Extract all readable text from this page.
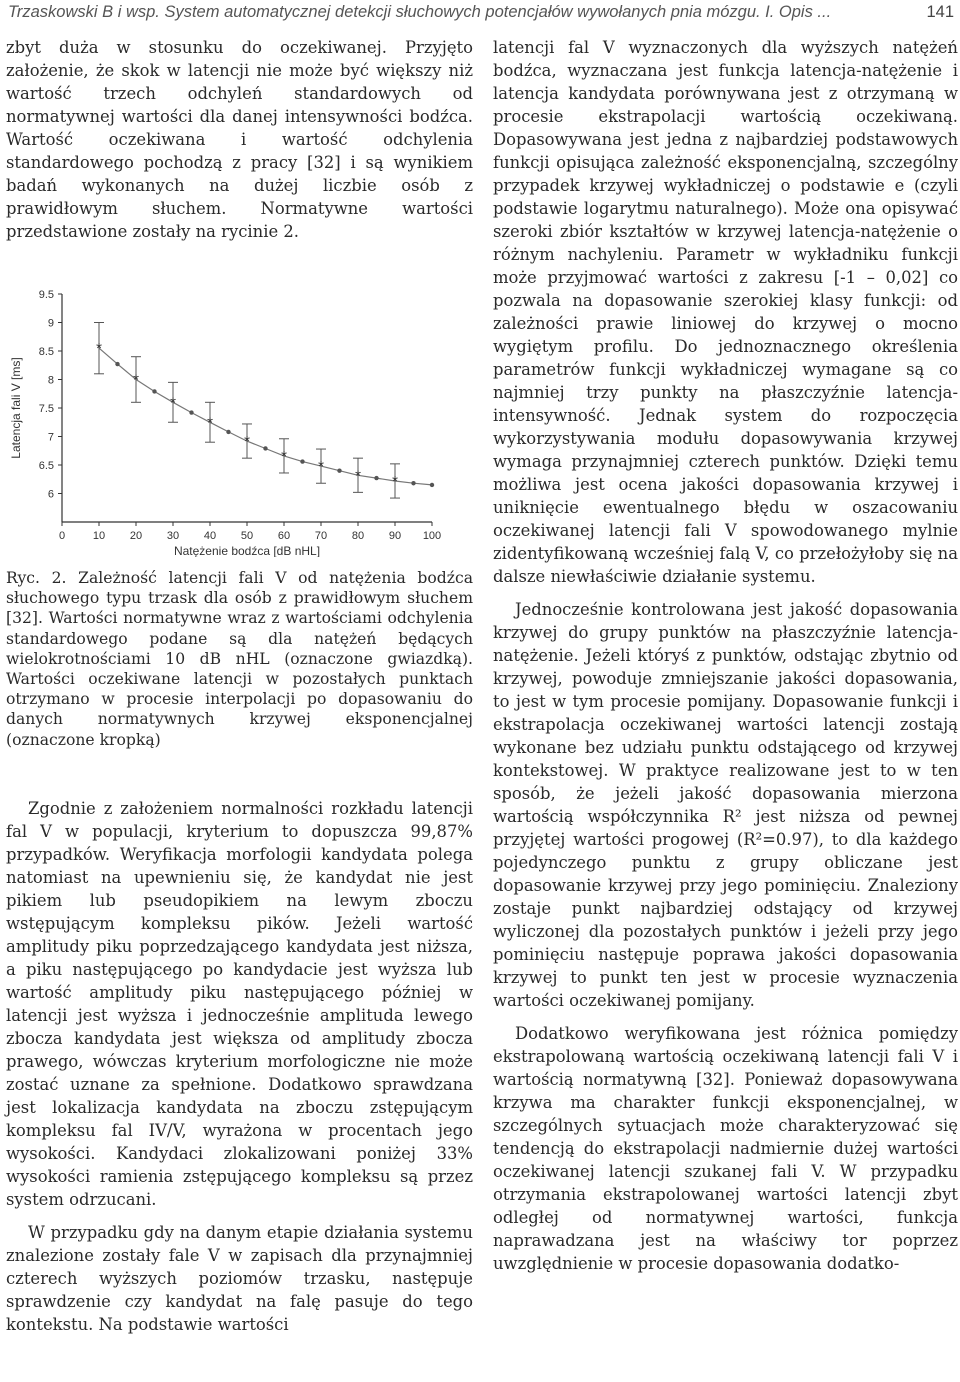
Trzaskowski B i wsp. System automatycznej detekcji słuchowych potencjałów wywołanych pnia mózgu. I. Opis ...	141

zbyt duża w stosunku do oczekiwanej. Przyjęto założenie, że skok w latencji nie może być większy niż wartość trzech odchyleń standardowych od normatywnej wartości dla danej intensywności bodźca. Wartość oczekiwana i wartość odchylenia standardowego pochodzą z pracy [32] i są wynikiem badań wykonanych na dużej liczbie osób z prawidłowym słuchem. Normatywne wartości przedstawione zostały na rycinie 2.

0	10 20 30 40 50 60 70 80 90 100
6
6.5
7
7.5
8
8.5
9
9.5
*
*
*
*
*
*
*
* *
Natężenie bodźca [dB nHL]
Latencja fali V [ms]

Ryc. 2. Zależność latencji fali V od natężenia bodźca słuchowego typu trzask dla osób z prawidłowym słuchem [32]. Wartości normatywne wraz z wartościami odchylenia standardowego podane są dla natężeń będących wielokrotnościami 10 dB nHL (oznaczone gwiazdką). Wartości oczekiwane latencji w pozostałych punktach otrzymano w procesie interpolacji po dopasowaniu do danych normatywnych krzywej eksponencjalnej (oznaczone kropką)

Zgodnie z założeniem normalności rozkładu latencji fal V w populacji, kryterium to dopuszcza 99,87% przypadków. Weryfikacja morfologii kandydata polega natomiast na upewnieniu się, że kandydat nie jest pikiem lub pseudopikiem na lewym zboczu wstępującym kompleksu pików. Jeżeli wartość amplitudy piku poprzedzającego kandydata jest niższa, a piku następującego po kandydacie jest wyższa lub wartość amplitudy piku następującego później w latencji jest wyższa i jednocześnie amplituda lewego zbocza kandydata jest większa od amplitudy zbocza prawego, wówczas kryterium morfologiczne nie może zostać uznane za spełnione. Dodatkowo sprawdzana jest lokalizacja kandydata na zboczu zstępującym kompleksu fal IV/V, wyrażona w procentach jego wysokości. Kandydaci zlokalizowani poniżej 33% wysokości ramienia zstępującego kompleksu są przez system odrzucani.

W przypadku gdy na danym etapie działania systemu znalezione zostały fale V w zapisach dla przynajmniej czterech wyższych poziomów trzasku, następuje sprawdzenie czy kandydat na falę pasuje do tego kontekstu. Na podstawie wartości

latencji fal V wyznaczonych dla wyższych natężeń bodźca, wyznaczana jest funkcja latencja-natężenie i latencja kandydata porównywana jest z otrzymaną w procesie ekstrapolacji wartością oczekiwaną. Dopasowywana jest jedna z najbardziej podstawowych funkcji opisująca zależność eksponencjalną, szczególny przypadek krzywej wykładniczej o podstawie e (czyli podstawie logarytmu naturalnego). Może ona opisywać szeroki zbiór kształtów w krzywej latencja-natężenie o różnym nachyleniu. Parametr w wykładniku funkcji może przyjmować wartości z zakresu [-1 – 0,02] co pozwala na dopasowanie szerokiej klasy funkcji: od zależności prawie liniowej do krzywej o mocno wygiętym profilu. Do jednoznacznego określenia parametrów funkcji wykładniczej wymagane są co najmniej trzy punkty na płaszczyźnie latencja-intensywność. Jednak system do rozpoczęcia wykorzystywania modułu dopasowywania krzywej wymaga przynajmniej czterech punktów. Dzięki temu możliwa jest ocena jakości dopasowania krzywej i uniknięcie ewentualnego błędu w oszacowaniu oczekiwanej latencji fali V spowodowanego mylnie zidentyfikowaną wcześniej falą V, co przełożyłoby się na dalsze niewłaściwie działanie systemu.

Jednocześnie kontrolowana jest jakość dopasowania krzywej do grupy punktów na płaszczyźnie latencja-natężenie. Jeżeli któryś z punktów, odstając zbytnio od krzywej, powoduje zmniejszanie jakości dopasowania, to jest w tym procesie pomijany. Dopasowanie funkcji i ekstrapolacja oczekiwanej wartości latencji zostają wykonane bez udziału punktu odstającego od krzywej kontekstowej. W praktyce realizowane jest to w ten sposób, że jeżeli jakość dopasowania mierzona wartością współczynnika R² jest niższa od pewnej przyjętej wartości progowej (R²=0.97), to dla każdego pojedynczego punktu z grupy obliczane jest dopasowanie krzywej przy jego pominięciu. Znaleziony zostaje punkt najbardziej odstający od krzywej wyliczonej dla pozostałych punktów i jeżeli przy jego pominięciu następuje poprawa jakości dopasowania krzywej to punkt ten jest w procesie wyznaczenia wartości oczekiwanej pomijany.

Dodatkowo weryfikowana jest różnica pomiędzy ekstrapolowaną wartością oczekiwaną latencji fali V i wartością normatywną [32]. Ponieważ dopasowywana krzywa ma charakter funkcji eksponencjalnej, w szczególnych sytuacjach może charakteryzować się tendencją do ekstrapolacji nadmiernie dużej wartości oczekiwanej latencji szukanej fali V. W przypadku otrzymania ekstrapolowanej wartości latencji zbyt odległej od normatywnej wartości, funkcja naprawadzana jest na właściwy tor poprzez uwzględnienie w procesie dopasowania dodatko-
